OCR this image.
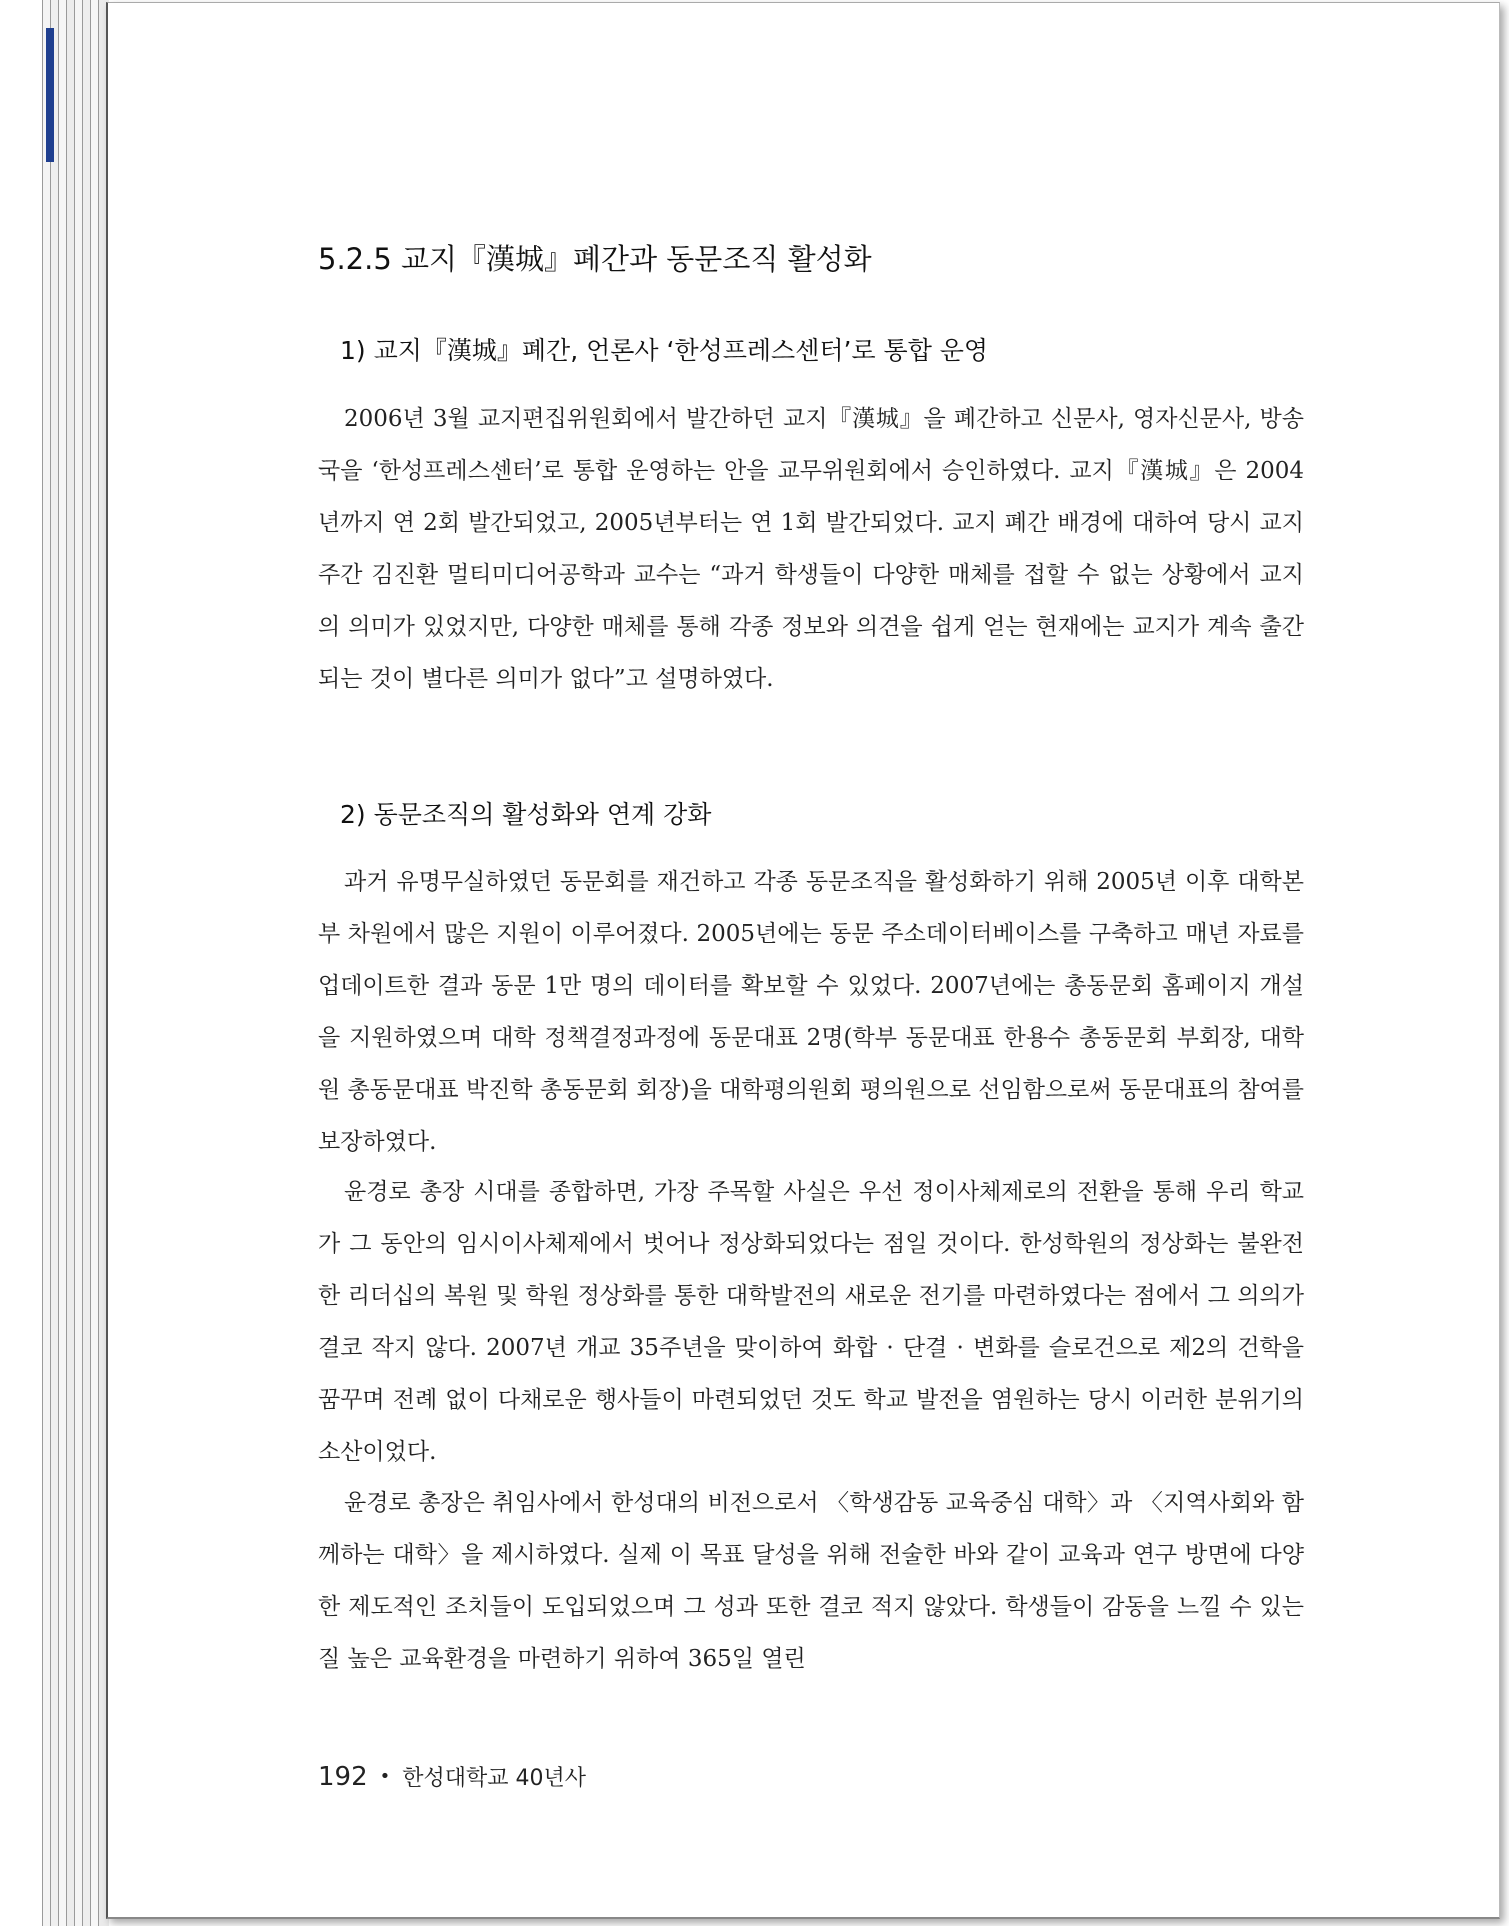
5.2.5 교지『漢城』폐간과 동문조직 활성화
1) 교지『漢城』폐간, 언론사 ‘한성프레스센터’로 통합 운영

2006년 3월 교지편집위원회에서 발간하던 교지『漢城』을 폐간하고 신문사, 영자신문사, 방송국을 ‘한성프레스센터’로 통합 운영하는 안을 교무위원회에서 승인하였다. 교지『漢城』은 2004년까지 연 2회 발간되었고, 2005년부터는 연 1회 발간되었다. 교지 폐간 배경에 대하여 당시 교지 주간 김진환 멀티미디어공학과 교수는 “과거 학생들이 다양한 매체를 접할 수 없는 상황에서 교지의 의미가 있었지만, 다양한 매체를 통해 각종 정보와 의견을 쉽게 얻는 현재에는 교지가 계속 출간되는 것이 별다른 의미가 없다”고 설명하였다.

2) 동문조직의 활성화와 연계 강화

과거 유명무실하였던 동문회를 재건하고 각종 동문조직을 활성화하기 위해 2005년 이후 대학본부 차원에서 많은 지원이 이루어졌다. 2005년에는 동문 주소데이터베이스를 구축하고 매년 자료를 업데이트한 결과 동문 1만 명의 데이터를 확보할 수 있었다. 2007년에는 총동문회 홈페이지 개설을 지원하였으며 대학 정책결정과정에 동문대표 2명(학부 동문대표 한용수 총동문회 부회장, 대학원 총동문대표 박진학 총동문회 회장)을 대학평의원회 평의원으로 선임함으로써 동문대표의 참여를 보장하였다.

윤경로 총장 시대를 종합하면, 가장 주목할 사실은 우선 정이사체제로의 전환을 통해 우리 학교가 그 동안의 임시이사체제에서 벗어나 정상화되었다는 점일 것이다. 한성학원의 정상화는 불완전한 리더십의 복원 및 학원 정상화를 통한 대학발전의 새로운 전기를 마련하였다는 점에서 그 의의가 결코 작지 않다. 2007년 개교 35주년을 맞이하여 화합 · 단결 · 변화를 슬로건으로 제2의 건학을 꿈꾸며 전례 없이 다채로운 행사들이 마련되었던 것도 학교 발전을 염원하는 당시 이러한 분위기의 소산이었다.

윤경로 총장은 취임사에서 한성대의 비전으로서 〈학생감동 교육중심 대학〉과 〈지역사회와 함께하는 대학〉을 제시하였다. 실제 이 목표 달성을 위해 전술한 바와 같이 교육과 연구 방면에 다양한 제도적인 조치들이 도입되었으며 그 성과 또한 결코 적지 않았다. 학생들이 감동을 느낄 수 있는 질 높은 교육환경을 마련하기 위하여 365일 열린

192 • 한성대학교 40년사
